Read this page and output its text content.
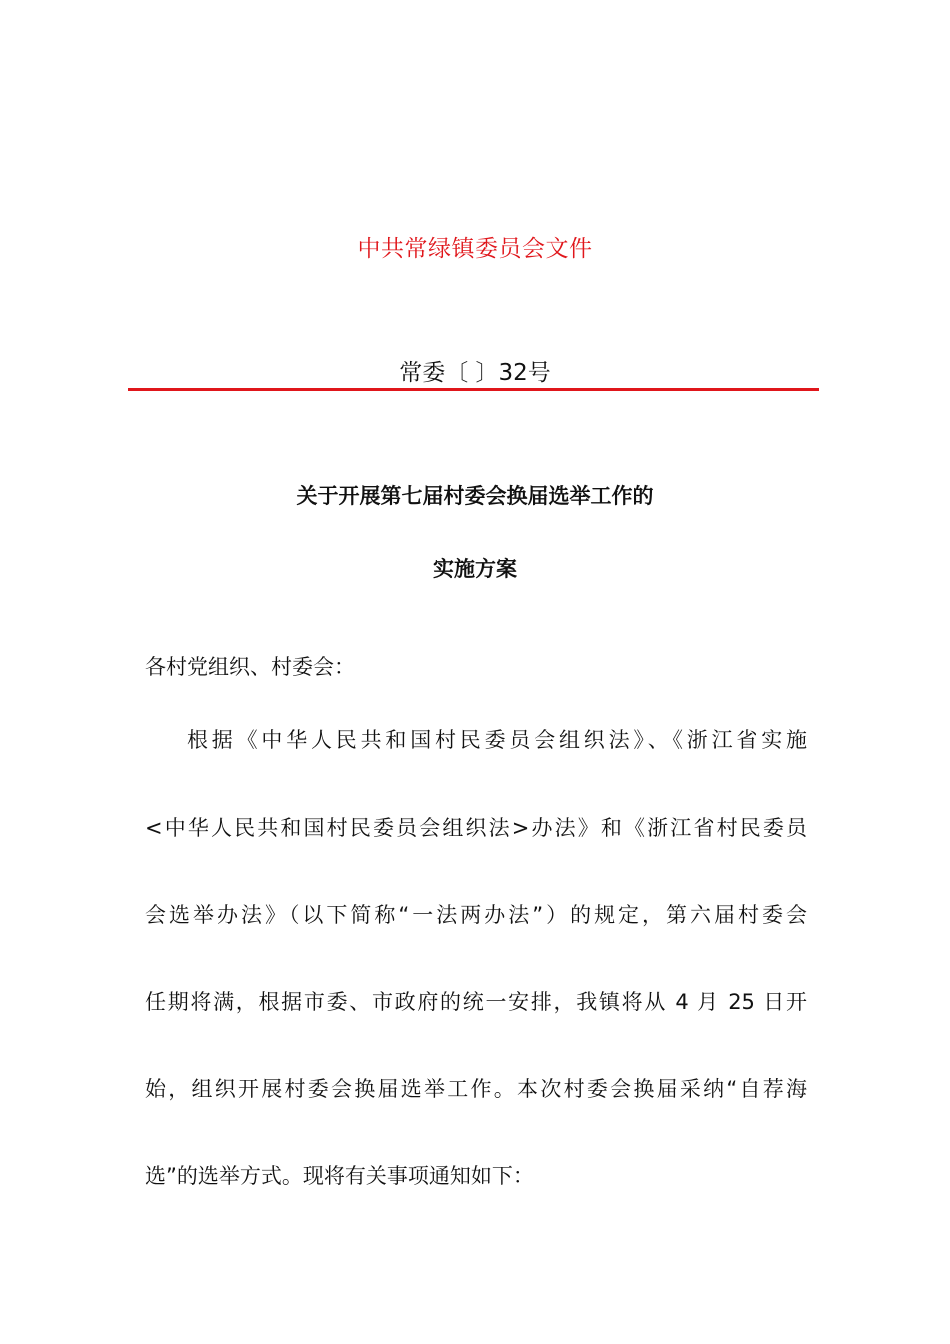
中共常绿镇委员会文件
常委〔 〕32号
关于开展第七届村委会换届选举工作的
实施方案
各村党组织、村委会：
根据《中华人民共和国村民委员会组织法》、《浙江省实施
<中华人民共和国村民委员会组织法>办法》和《浙江省村民委员
会选举办法》（以下简称“一法两办法”）的规定，第六届村委会
任期将满，根据市委、市政府的统一安排，我镇将从 4 月 25 日开
始，组织开展村委会换届选举工作。本次村委会换届采纳“自荐海
选”的选举方式。现将有关事项通知如下：
